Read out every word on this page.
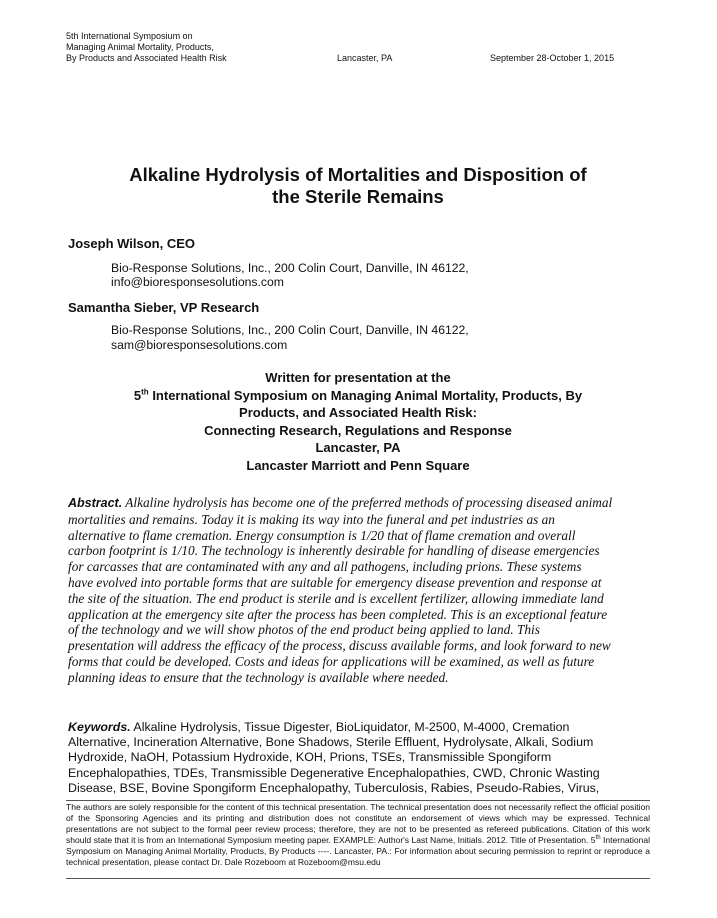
5th International Symposium on
Managing Animal Mortality, Products,
By Products and Associated Health Risk	Lancaster, PA	September 28-October 1, 2015
Alkaline Hydrolysis of Mortalities and Disposition of
the Sterile Remains
Joseph Wilson, CEO
Bio-Response Solutions, Inc., 200 Colin Court, Danville, IN 46122,
info@bioresponsesolutions.com
Samantha Sieber, VP Research
Bio-Response Solutions, Inc., 200 Colin Court, Danville, IN 46122,
sam@bioresponsesolutions.com
Written for presentation at the
5th International Symposium on Managing Animal Mortality, Products, By
Products, and Associated Health Risk:
Connecting Research, Regulations and Response
Lancaster, PA
Lancaster Marriott and Penn Square
Abstract. Alkaline hydrolysis has become one of the preferred methods of processing diseased animal
mortalities and remains. Today it is making its way into the funeral and pet industries as an
alternative to flame cremation. Energy consumption is 1/20 that of flame cremation and overall
carbon footprint is 1/10. The technology is inherently desirable for handling of disease emergencies
for carcasses that are contaminated with any and all pathogens, including prions. These systems
have evolved into portable forms that are suitable for emergency disease prevention and response at
the site of the situation. The end product is sterile and is excellent fertilizer, allowing immediate land
application at the emergency site after the process has been completed. This is an exceptional feature
of the technology and we will show photos of the end product being applied to land. This
presentation will address the efficacy of the process, discuss available forms, and look forward to new
forms that could be developed. Costs and ideas for applications will be examined, as well as future
planning ideas to ensure that the technology is available where needed.
Keywords. Alkaline Hydrolysis, Tissue Digester, BioLiquidator, M-2500, M-4000, Cremation
Alternative, Incineration Alternative, Bone Shadows, Sterile Effluent, Hydrolysate, Alkali, Sodium
Hydroxide, NaOH, Potassium Hydroxide, KOH, Prions, TSEs, Transmissible Spongiform
Encephalopathies, TDEs, Transmissible Degenerative Encephalopathies, CWD, Chronic Wasting
Disease, BSE, Bovine Spongiform Encephalopathy, Tuberculosis, Rabies, Pseudo-Rabies, Virus,
The authors are solely responsible for the content of this technical presentation. The technical presentation does not necessarily reflect the official position of the Sponsoring Agencies and its printing and distribution does not constitute an endorsement of views which may be expressed. Technical presentations are not subject to the formal peer review process; therefore, they are not to be presented as refereed publications. Citation of this work should state that it is from an International Symposium meeting paper. EXAMPLE: Author's Last Name, Initials. 2012. Title of Presentation. 5th International Symposium on Managing Animal Mortality, Products, By Products ----. Lancaster, PA.: For information about securing permission to reprint or reproduce a technical presentation, please contact Dr. Dale Rozeboom at Rozeboom@msu.edu
